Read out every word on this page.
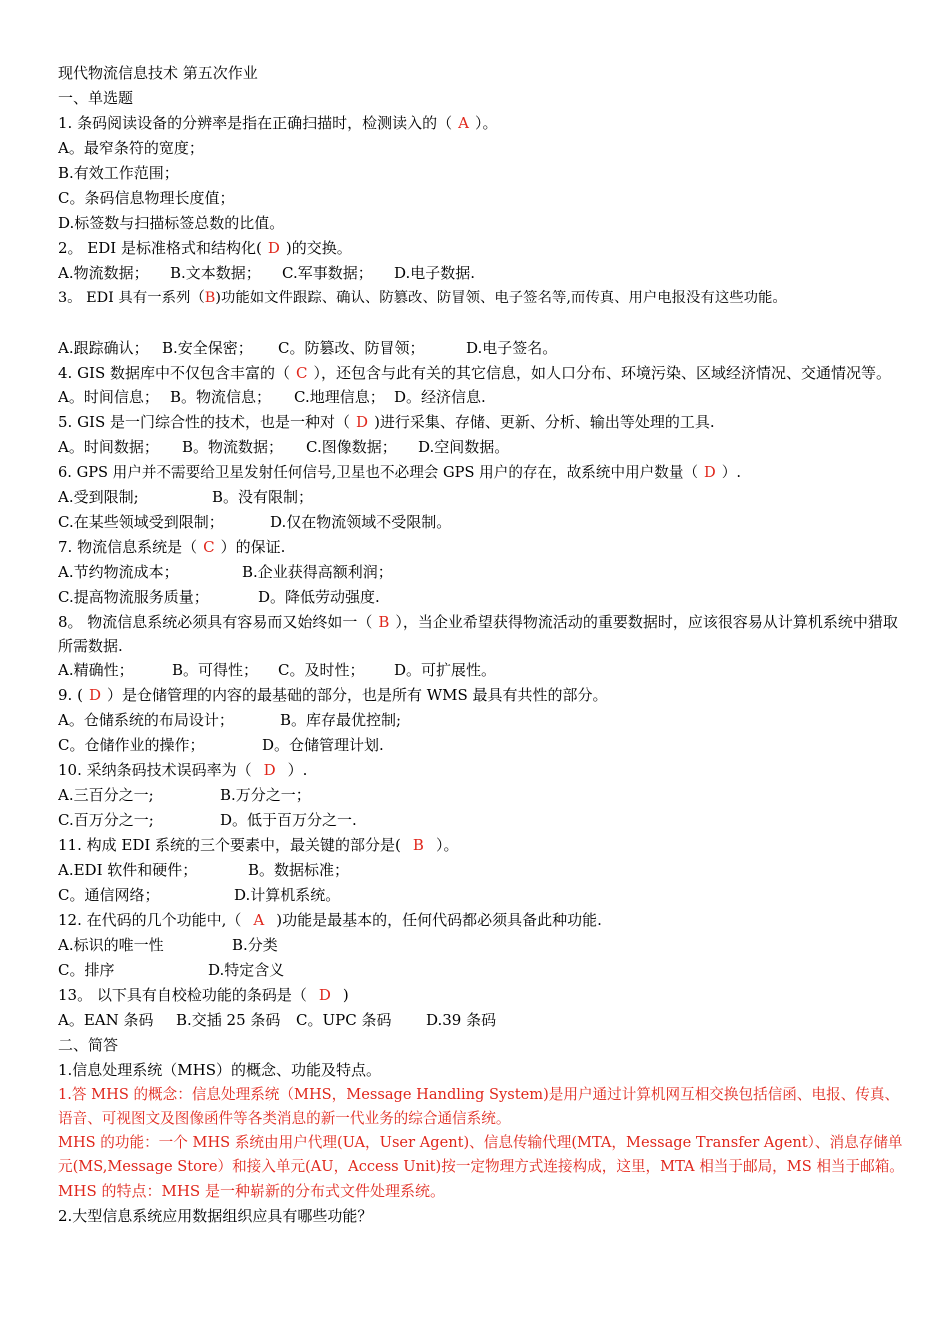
现代物流信息技术 第五次作业
一、单选题
1. 条码阅读设备的分辨率是指在正确扫描时，检测读入的（ A ）。
A。最窄条符的宽度；
B.有效工作范围；
C。条码信息物理长度值；
D.标签数与扫描标签总数的比值。
2。 EDI 是标准格式和结构化( D )的交换。
A.物流数据； B.文本数据； C.军事数据； D.电子数据.
3。 EDI 具有一系列（B)功能如文件跟踪、确认、防篡改、防冒领、电子签名等,而传真、用户电报没有这些功能。
A.跟踪确认； B.安全保密； C。防篡改、防冒领；	D.电子签名。
4. GIS 数据库中不仅包含丰富的（ C ），还包含与此有关的其它信息，如人口分布、环境污染、区域经济情况、交通情况等。
A。时间信息； B。物流信息； C.地理信息； D。经济信息.
5. GIS 是一门综合性的技术，也是一种对（ D )进行采集、存储、更新、分析、输出等处理的工具.
A。时间数据； B。物流数据； C.图像数据； D.空间数据。
6. GPS 用户并不需要给卫星发射任何信号,卫星也不必理会 GPS 用户的存在，故系统中用户数量（ D ）.
A.受到限制;	B。没有限制；
C.在某些领域受到限制；	D.仅在物流领域不受限制。
7. 物流信息系统是（ C ）的保证.
A.节约物流成本；	B.企业获得高额利润；
C.提高物流服务质量；	D。降低劳动强度.
8。 物流信息系统必须具有容易而又始终如一（ B ），当企业希望获得物流活动的重要数据时，应该很容易从计算机系统中猎取所需数据.
A.精确性；	B。可得性； C。及时性； D。可扩展性。
9. ( D ）是仓储管理的内容的最基础的部分，也是所有 WMS 最具有共性的部分。
A。仓储系统的布局设计；	B。库存最优控制;
C。仓储作业的操作；	D。仓储管理计划.
10. 采纳条码技术误码率为（ D ）.
A.三百分之一;	B.万分之一；
C.百万分之一;	D。低于百万分之一.
11. 构成 EDI 系统的三个要素中，最关键的部分是( B ）。
A.EDI 软件和硬件；	B。数据标准；
C。通信网络；	D.计算机系统。
12. 在代码的几个功能中,（ A )功能是最基本的，任何代码都必须具备此种功能.
A.标识的唯一性	B.分类
C。排序	D.特定含义
13。 以下具有自校检功能的条码是（ D )
A。EAN 条码 B.交插 25 条码 C。UPC 条码 D.39 条码
二、简答
1.信息处理系统（MHS）的概念、功能及特点。
1.答 MHS 的概念：信息处理系统（MHS，Message Handling System)是用户通过计算机网互相交换包括信函、电报、传真、语音、可视图文及图像函件等各类消息的新一代业务的综合通信系统。
MHS 的功能：一个 MHS 系统由用户代理(UA，User Agent)、信息传输代理(MTA，Message Transfer Agent）、消息存储单元(MS,Message Store）和接入单元(AU，Access Unit)按一定物理方式连接构成，这里，MTA 相当于邮局，MS 相当于邮箱。
MHS 的特点：MHS 是一种崭新的分布式文件处理系统。
2.大型信息系统应用数据组织应具有哪些功能？
